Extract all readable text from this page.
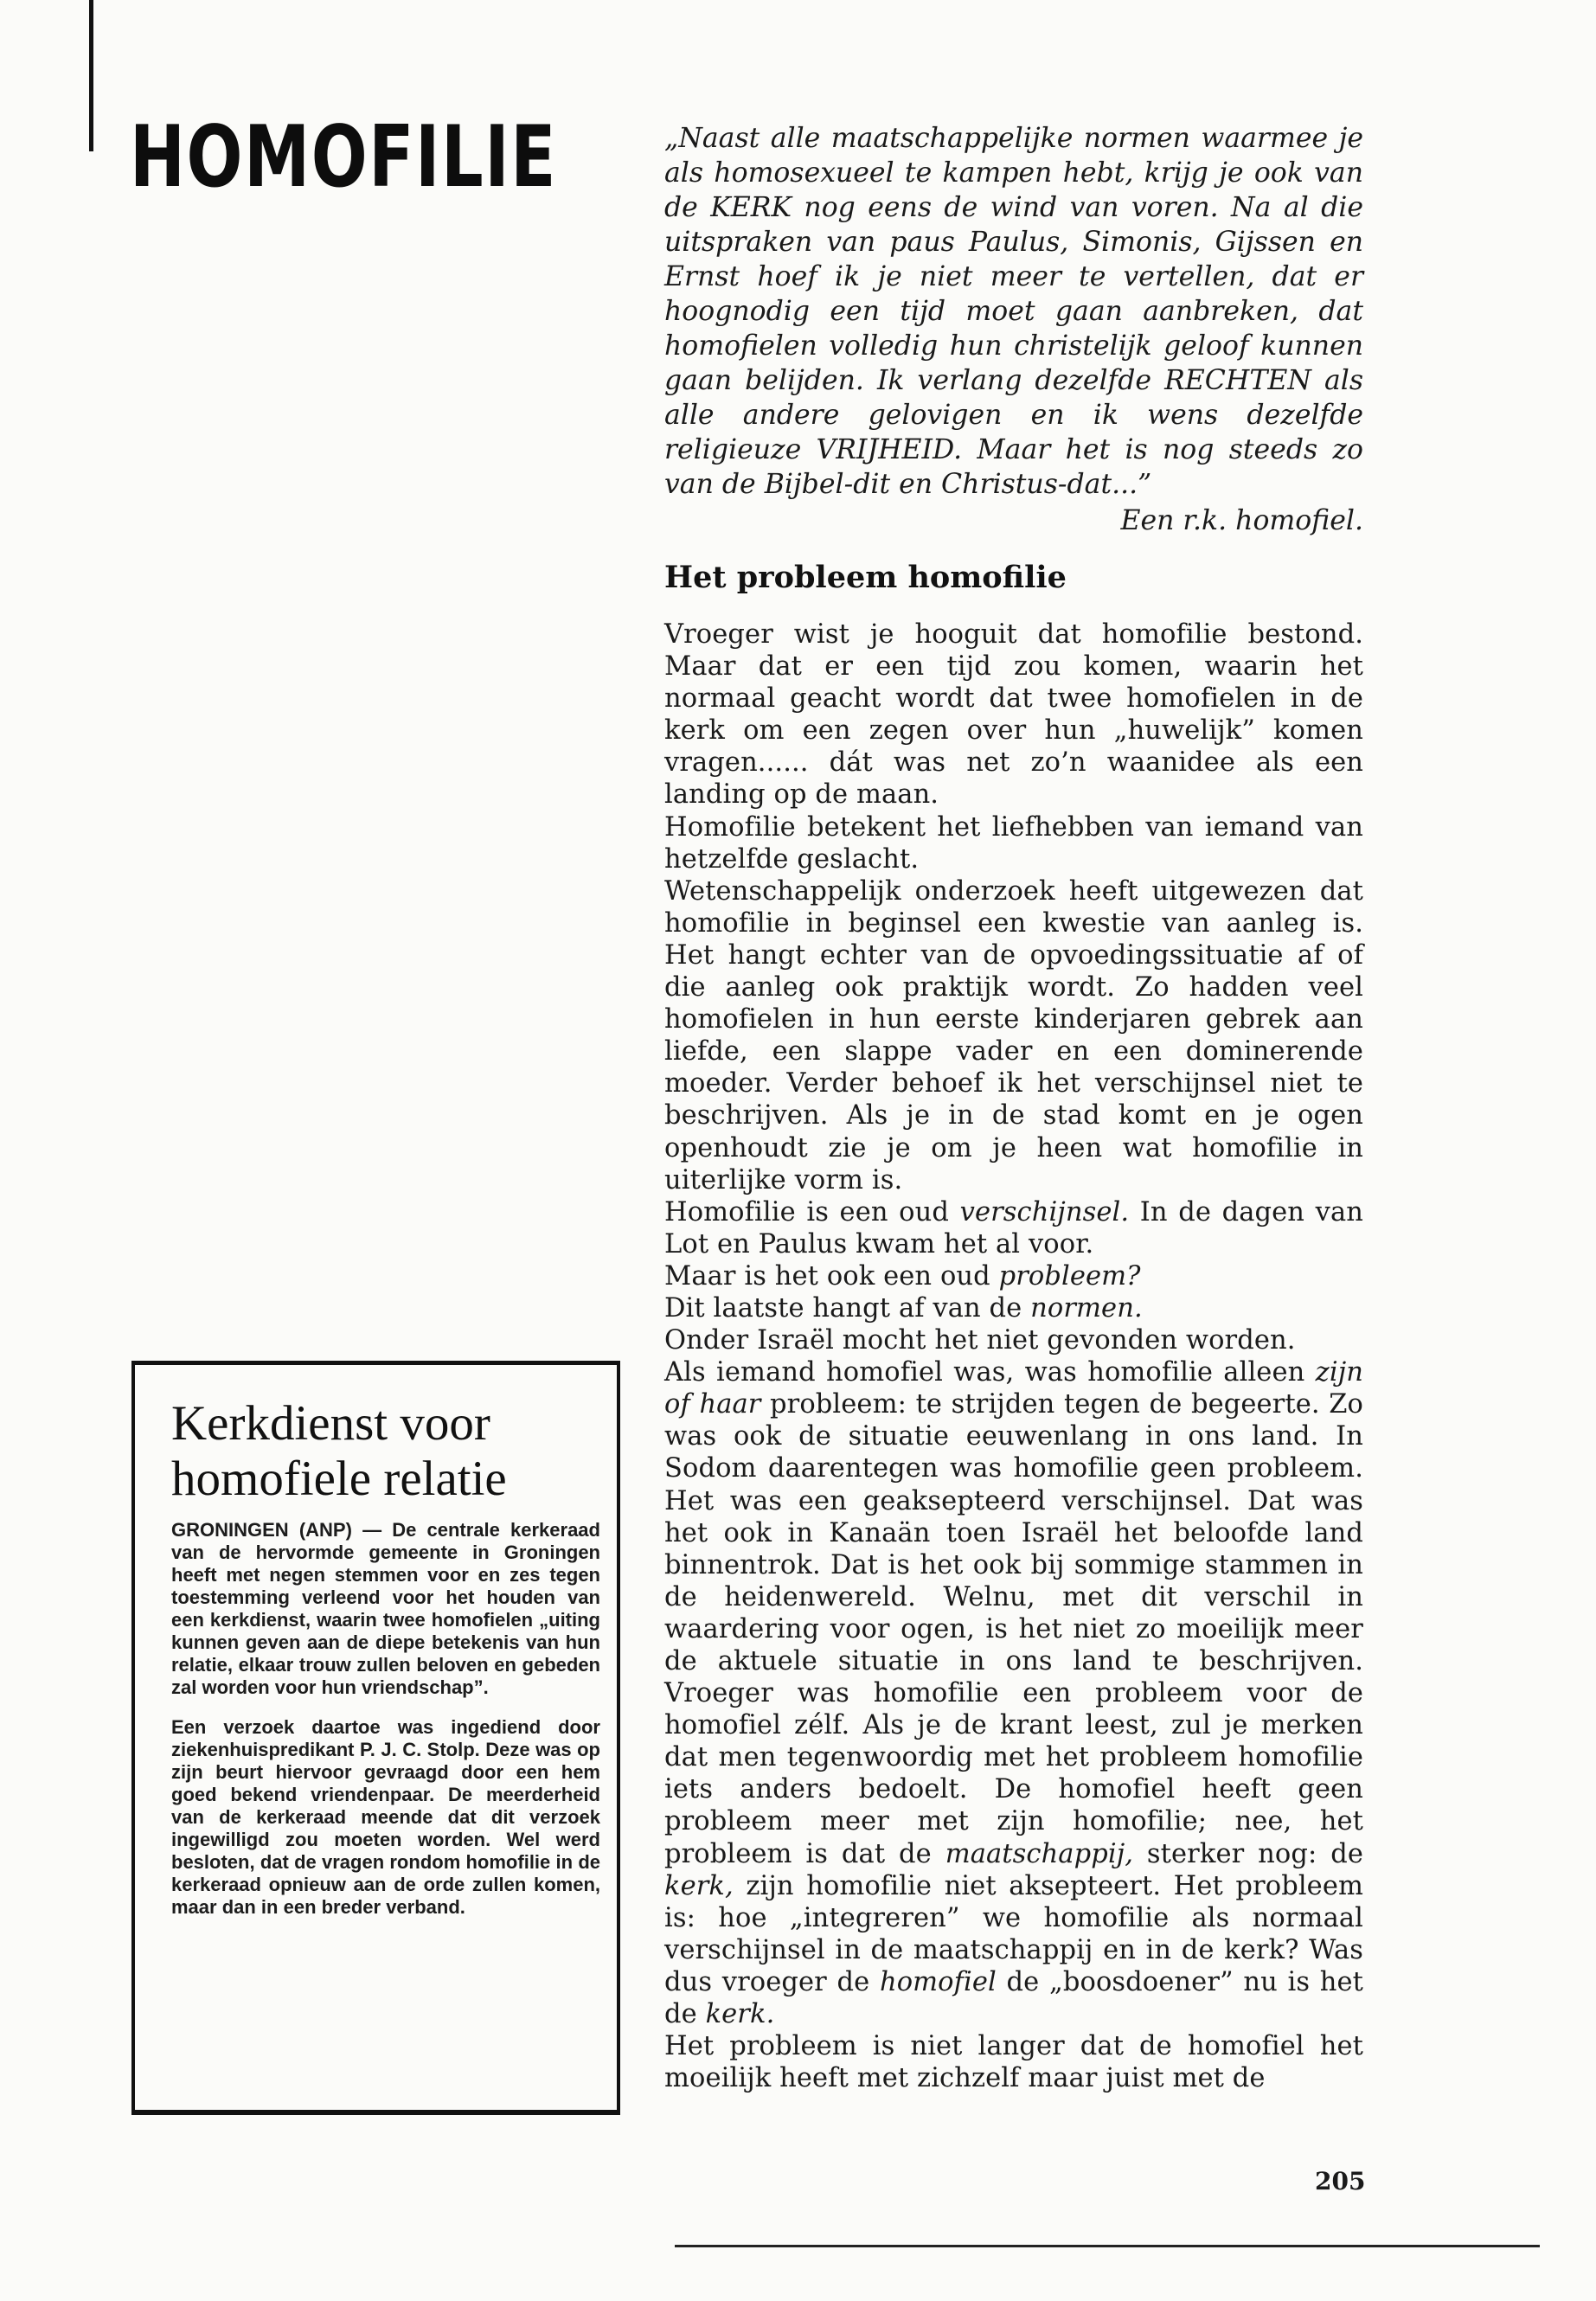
HOMOFILIE	„Naast alle maatschappelijke normen waarmee je als homosexueel te kampen hebt, krijg je ook van de KERK nog eens de wind van voren. Na al die uitspraken van paus Paulus, Simonis, Gijssen en Ernst hoef ik je niet meer te vertellen, dat er hoognodig een tijd moet gaan aanbreken, dat homofielen volledig hun christelijk geloof kunnen gaan belijden. Ik verlang dezelfde RECHTEN als alle andere gelovigen en ik wens dezelfde religieuze VRIJHEID. Maar het is nog steeds zo van de Bijbel-dit en Christus-dat...”

Een r.k. homofiel.

Het probleem homofilie

Vroeger wist je hooguit dat homofilie bestond. Maar dat er een tijd zou komen, waarin het normaal geacht wordt dat twee homofielen in de kerk om een zegen over hun „huwelijk” komen vragen...... dát was net zo’n waanidee als een landing op de maan.

Homofilie betekent het liefhebben van iemand van hetzelfde geslacht.

Wetenschappelijk onderzoek heeft uitgewezen dat homofilie in beginsel een kwestie van aanleg is. Het hangt echter van de opvoedingssituatie af of die aanleg ook praktijk wordt. Zo hadden veel homofielen in hun eerste kinderjaren gebrek aan liefde, een slappe vader en een dominerende moeder. Verder behoef ik het verschijnsel niet te beschrijven. Als je in de stad komt en je ogen openhoudt zie je om je heen wat homofilie in uiterlijke vorm is.

Homofilie is een oud verschijnsel. In de dagen van Lot en Paulus kwam het al voor.

Maar is het ook een oud probleem?

Dit laatste hangt af van de normen.

Onder Israël mocht het niet gevonden worden.

Als iemand homofiel was, was homofilie alleen zijn of haar probleem: te strijden tegen de begeerte. Zo was ook de situatie eeuwenlang in ons land. In Sodom daarentegen was homofilie geen probleem. Het was een geaksepteerd verschijnsel. Dat was het ook in Kanaän toen Israël het beloofde land binnentrok. Dat is het ook bij sommige stammen in de heidenwereld. Welnu, met dit verschil in waardering voor ogen, is het niet zo moeilijk meer de aktuele situatie in ons land te beschrijven. Vroeger was homofilie een probleem voor de homofiel zélf. Als je de krant leest, zul je merken dat men tegenwoordig met het probleem homofilie iets anders bedoelt. De homofiel heeft geen probleem meer met zijn homofilie; nee, het probleem is dat de maatschappij, sterker nog: de kerk, zijn homofilie niet aksepteert. Het probleem is: hoe „integreren” we homofilie als normaal verschijnsel in de maatschappij en in de kerk? Was dus vroeger de homofiel de „boosdoener” nu is het de kerk.

Het probleem is niet langer dat de homofiel het moeilijk heeft met zichzelf maar juist met de

Kerkdienst voor homofiele relatie

GRONINGEN (ANP) — De centrale kerkeraad van de hervormde gemeente in Groningen heeft met negen stemmen voor en zes tegen toestemming verleend voor het houden van een kerkdienst, waarin twee homofielen „uiting kunnen geven aan de diepe betekenis van hun relatie, elkaar trouw zullen beloven en gebeden zal worden voor hun vriendschap”.

Een verzoek daartoe was ingediend door ziekenhuispredikant P. J. C. Stolp. Deze was op zijn beurt hiervoor gevraagd door een hem goed bekend vriendenpaar. De meerderheid van de kerkeraad meende dat dit verzoek ingewilligd zou moeten worden. Wel werd besloten, dat de vragen rondom homofilie in de kerkeraad opnieuw aan de orde zullen komen, maar dan in een breder verband.

205
